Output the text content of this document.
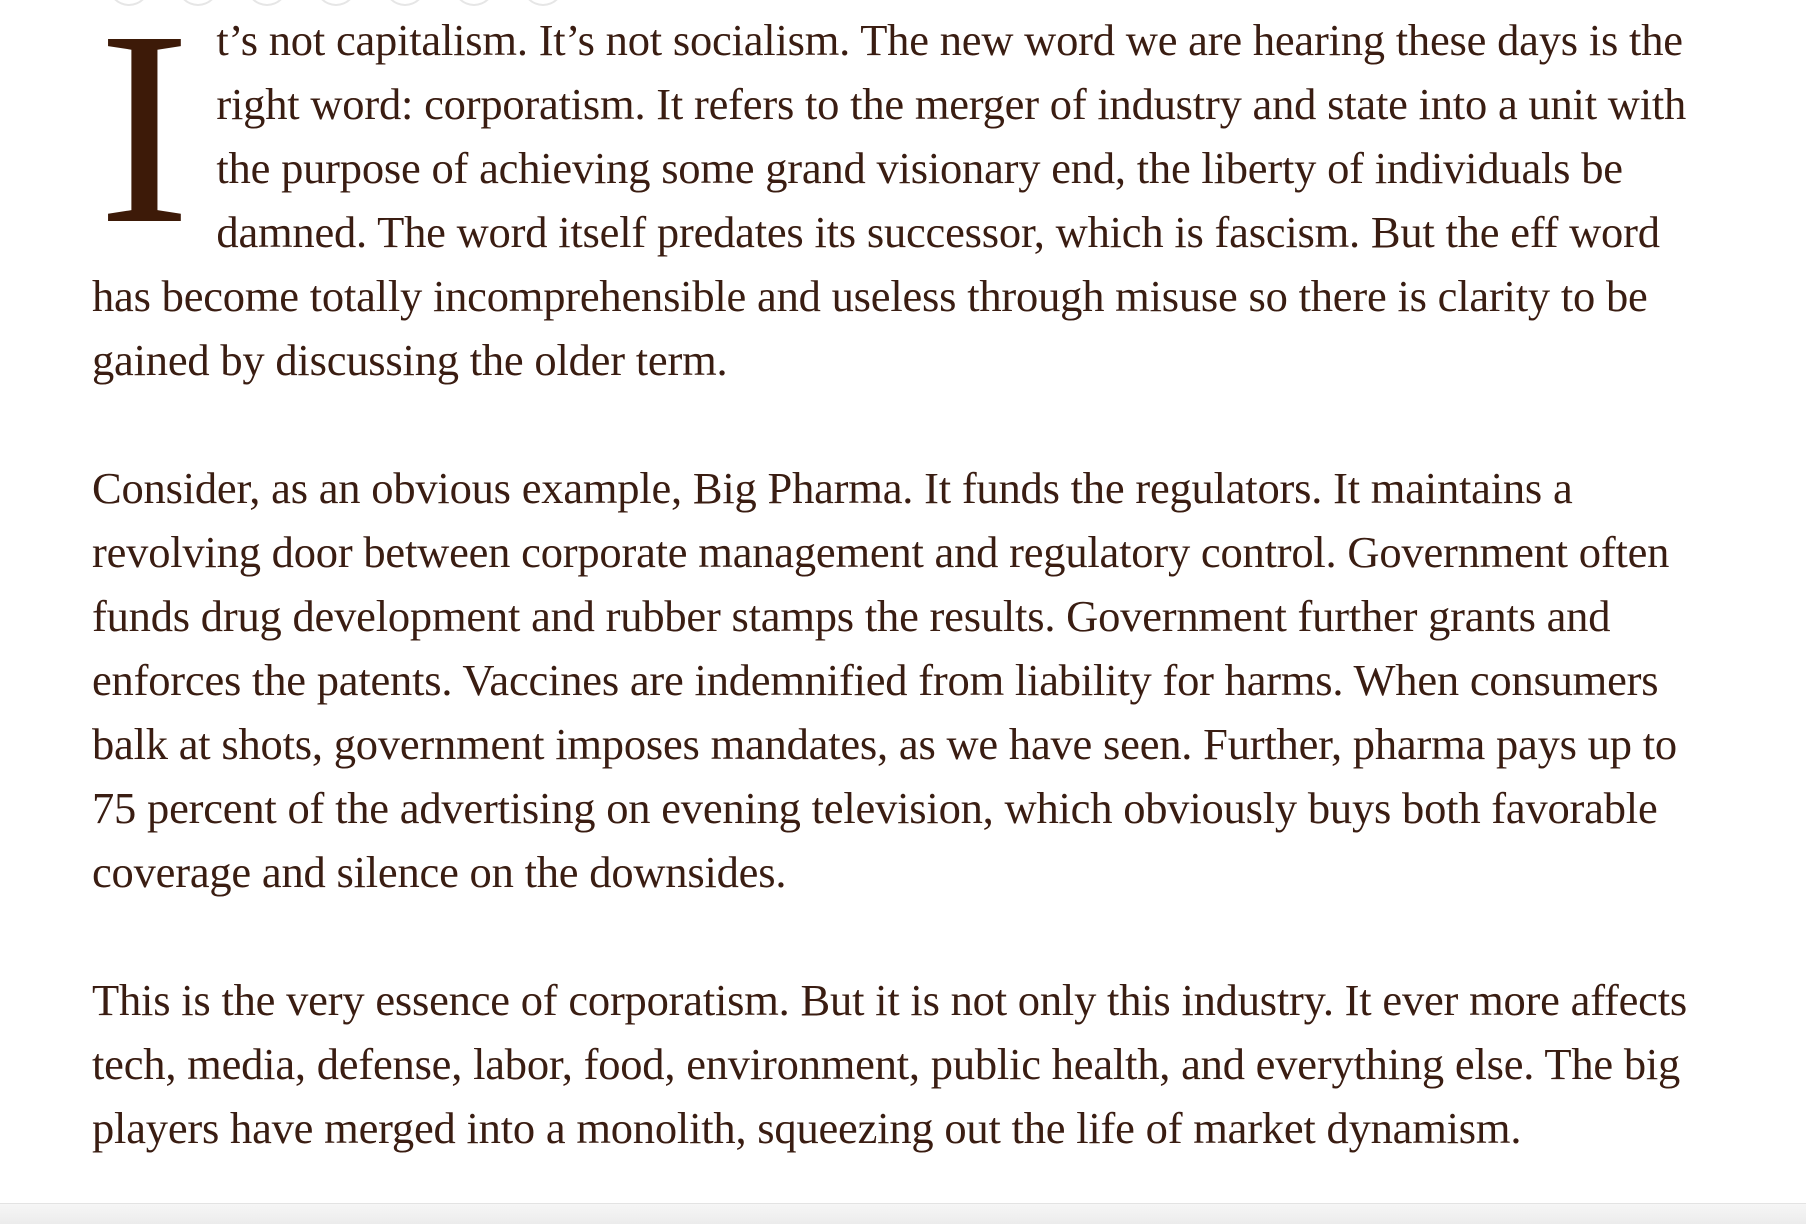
It’s not capitalism. It’s not socialism. The new word we are hearing these days is the right word: corporatism. It refers to the merger of industry and state into a unit with the purpose of achieving some grand visionary end, the liberty of individuals be damned. The word itself predates its successor, which is fascism. But the eff word has become totally incomprehensible and useless through misuse so there is clarity to be gained by discussing the older term.

Consider, as an obvious example, Big Pharma. It funds the regulators. It maintains a revolving door between corporate management and regulatory control. Government often funds drug development and rubber stamps the results. Government further grants and enforces the patents. Vaccines are indemnified from liability for harms. When consumers balk at shots, government imposes mandates, as we have seen. Further, pharma pays up to 75 percent of the advertising on evening television, which obviously buys both favorable coverage and silence on the downsides.

This is the very essence of corporatism. But it is not only this industry. It ever more affects tech, media, defense, labor, food, environment, public health, and everything else. The big players have merged into a monolith, squeezing out the life of market dynamism.
